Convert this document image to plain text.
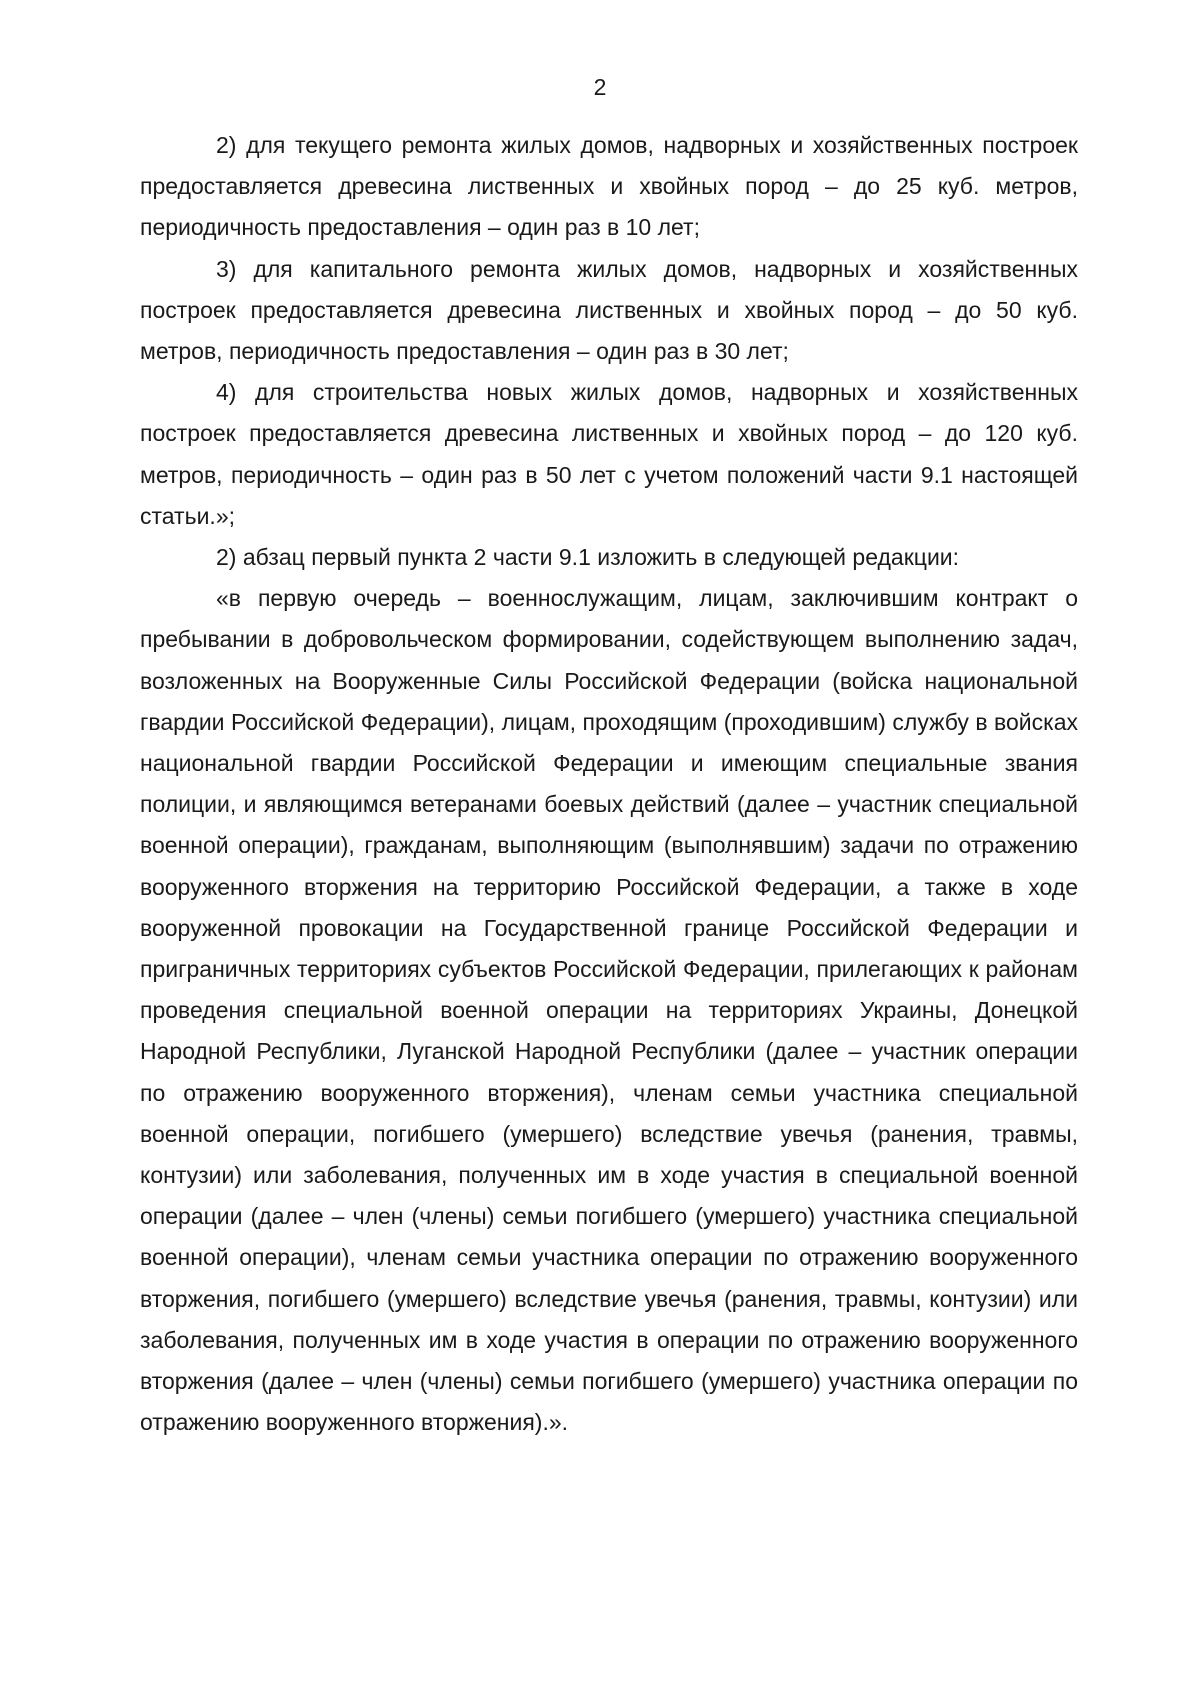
2

2) для текущего ремонта жилых домов, надворных и хозяйственных построек предоставляется древесина лиственных и хвойных пород – до 25 куб. метров, периодичность предоставления – один раз в 10 лет;

3) для капитального ремонта жилых домов, надворных и хозяйственных построек предоставляется древесина лиственных и хвойных пород – до 50 куб. метров, периодичность предоставления – один раз в 30 лет;

4) для строительства новых жилых домов, надворных и хозяйственных построек предоставляется древесина лиственных и хвойных пород – до 120 куб. метров, периодичность – один раз в 50 лет с учетом положений части 9.1 настоящей статьи.»;

2) абзац первый пункта 2 части 9.1 изложить в следующей редакции:

«в первую очередь – военнослужащим, лицам, заключившим контракт о пребывании в добровольческом формировании, содействующем выполнению задач, возложенных на Вооруженные Силы Российской Федерации (войска национальной гвардии Российской Федерации), лицам, проходящим (проходившим) службу в войсках национальной гвардии Российской Федерации и имеющим специальные звания полиции, и являющимся ветеранами боевых действий (далее – участник специальной военной операции), гражданам, выполняющим (выполнявшим) задачи по отражению вооруженного вторжения на территорию Российской Федерации, а также в ходе вооруженной провокации на Государственной границе Российской Федерации и приграничных территориях субъектов Российской Федерации, прилегающих к районам проведения специальной военной операции на территориях Украины, Донецкой Народной Республики, Луганской Народной Республики (далее – участник операции по отражению вооруженного вторжения), членам семьи участника специальной военной операции, погибшего (умершего) вследствие увечья (ранения, травмы, контузии) или заболевания, полученных им в ходе участия в специальной военной операции (далее – член (члены) семьи погибшего (умершего) участника специальной военной операции), членам семьи участника операции по отражению вооруженного вторжения, погибшего (умершего) вследствие увечья (ранения, травмы, контузии) или заболевания, полученных им в ходе участия в операции по отражению вооруженного вторжения (далее – член (члены) семьи погибшего (умершего) участника операции по отражению вооруженного вторжения).».
